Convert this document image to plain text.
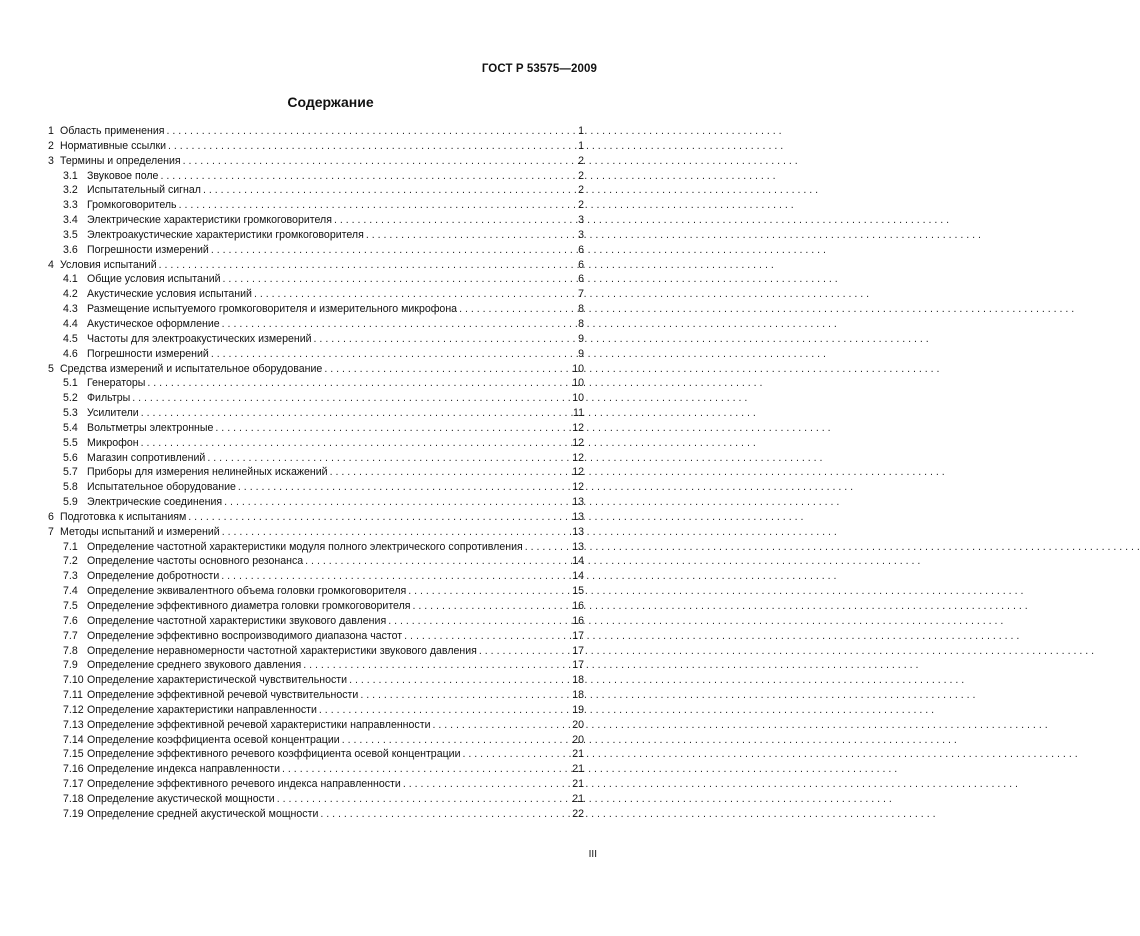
ГОСТ Р 53575—2009
Содержание
1 Область применения . . .	1
2 Нормативные ссылки . . .	1
3 Термины и определения . . .	2
3.1 Звуковое поле . . .	2
3.2 Испытательный сигнал . . .	2
3.3 Громкоговоритель . . .	2
3.4 Электрические характеристики громкоговорителя . . .	3
3.5 Электроакустические характеристики громкоговорителя . . .	3
3.6 Погрешности измерений . . .	6
4 Условия испытаний . . .	6
4.1 Общие условия испытаний . . .	6
4.2 Акустические условия испытаний . . .	7
4.3 Размещение испытуемого громкоговорителя и измерительного микрофона . . .	8
4.4 Акустическое оформление . . .	8
4.5 Частоты для электроакустических измерений . . .	9
4.6 Погрешности измерений . . .	9
5 Средства измерений и испытательное оборудование . . .	10
5.1 Генераторы . . .	10
5.2 Фильтры . . .	10
5.3 Усилители . . .	11
5.4 Вольтметры электронные . . .	12
5.5 Микрофон . . .	12
5.6 Магазин сопротивлений . . .	12
5.7 Приборы для измерения нелинейных искажений . . .	12
5.8 Испытательное оборудование . . .	12
5.9 Электрические соединения . . .	13
6 Подготовка к испытаниям . . .	13
7 Методы испытаний и измерений . . .	13
7.1 Определение частотной характеристики модуля полного электрического сопротивления . . .	13
7.2 Определение частоты основного резонанса . . .	14
7.3 Определение добротности . . .	14
7.4 Определение эквивалентного объема головки громкоговорителя . . .	15
7.5 Определение эффективного диаметра головки громкоговорителя . . .	16
7.6 Определение частотной характеристики звукового давления . . .	16
7.7 Определение эффективно воспроизводимого диапазона частот . . .	17
7.8 Определение неравномерности частотной характеристики звукового давления . . .	17
7.9 Определение среднего звукового давления . . .	17
7.10 Определение характеристической чувствительности . . .	18
7.11 Определение эффективной речевой чувствительности . . .	18
7.12 Определение характеристики направленности . . .	19
7.13 Определение эффективной речевой характеристики направленности . . .	20
7.14 Определение коэффициента осевой концентрации . . .	20
7.15 Определение эффективного речевого коэффициента осевой концентрации . . .	21
7.16 Определение индекса направленности . . .	21
7.17 Определение эффективного речевого индекса направленности . . .	21
7.18 Определение акустической мощности . . .	21
7.19 Определение средней акустической мощности . . .	22
III
